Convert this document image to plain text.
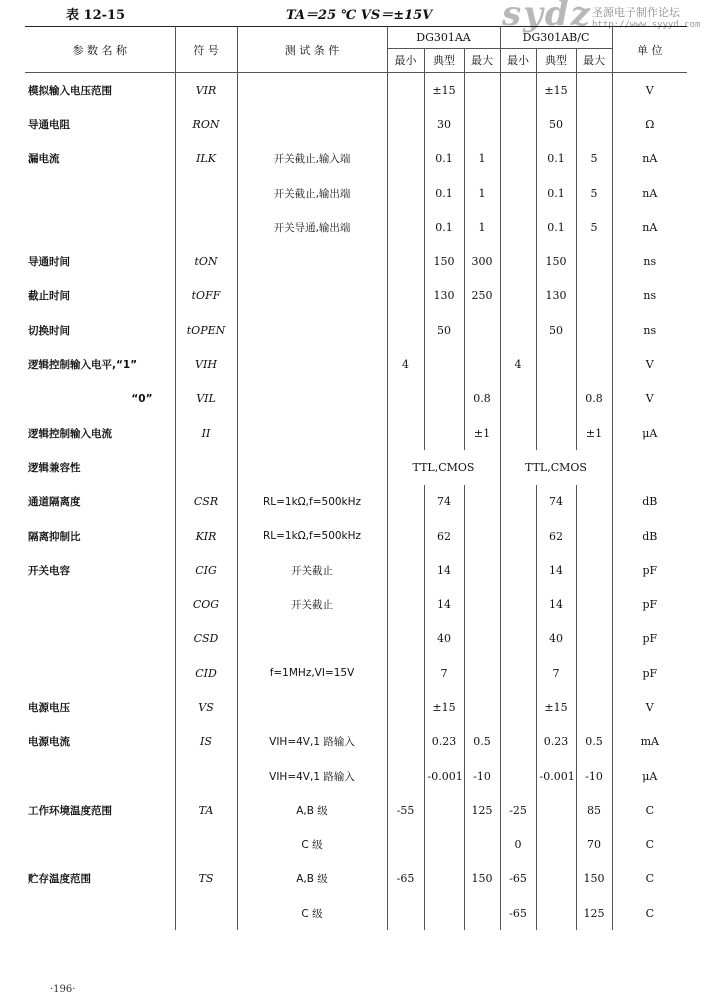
表 12-15	TA＝25 ℃ VS＝±15V sydz 圣源电子制作论坛
http://www.syyyd.com
参 数 名 称	符 号	测 试 条 件	DG301AA			DG301AB/C			单 位
			最小	典型	最大	最小	典型	最大	
模拟输入电压范围	VIR			±15			±15		V
导通电阻	RON			30			50		Ω
漏电流	ILK	开关截止,输入端		0.1	1		0.1	5	nA
		开关截止,输出端		0.1	1		0.1	5	nA
		开关导通,输出端		0.1	1		0.1	5	nA
导通时间	tON			150	300		150		ns
截止时间	tOFF			130	250		130		ns
切换时间	tOPEN			50			50		ns
逻辑控制输入电平,“1”	VIH		4			4			V
“0”	VIL				0.8			0.8	V
逻辑控制输入电流	II				±1			±1	μA
逻辑兼容性			TTL,CMOS			TTL,CMOS			
通道隔离度	CSR	RL=1kΩ,f=500kHz		74			74		dB
隔离抑制比	KIR	RL=1kΩ,f=500kHz		62			62		dB
开关电容	CIG	开关截止		14			14		pF
	COG	开关截止		14			14		pF
	CSD			40			40		pF
	CID	f=1MHz,VI=15V		7			7		pF
电源电压	VS			±15			±15		V
电源电流	IS	VIH=4V,1 路输入		0.23	0.5		0.23	0.5	mA
		VIH=4V,1 路输入		-0.001	-10		-0.001	-10	μA
工作环境温度范围	TA	A,B 级	-55		125	-25		85	C
		C 级				0		70	C
贮存温度范围	TS	A,B 级	-65		150	-65		150	C
		C 级				-65		125	C
·196·
